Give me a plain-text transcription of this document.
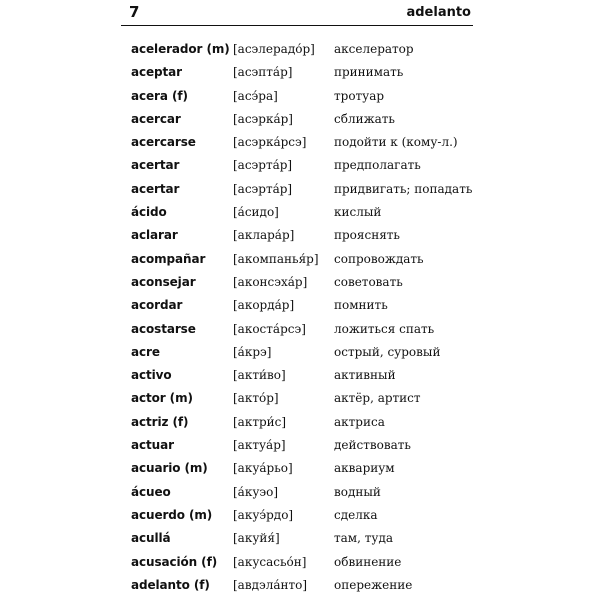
7	adelanto
acelerador (m) [асэлерадо́р] акселератор
aceptar	[асэпта́р]	принимать
acera (f)	[асэ́ра]	тротуар
acercar	[асэрка́р]	сближать
acercarse	[асэрка́рсэ] подойти к (кому-л.)
acertar	[асэрта́р]	предполагать
acertar	[асэрта́р]	придвигать; попадать
ácido	[а́сидо]	кислый
aclarar	[аклара́р]	прояснять
acompañar [акомпанья́р] сопровождать
aconsejar	[аконсэха́р] советовать
acordar	[акорда́р]	помнить
acostarse	[акоста́рсэ] ложиться спать
acre	[а́крэ]	острый, суровый
activo	[акти́во]	активный
actor (m)	[акто́р]	актёр, артист
actriz (f)	[актри́с]	актриса
actuar	[актуа́р]	действовать
acuario (m) [акуа́рьо]	аквариум
ácueo	[а́куэо]	водный
acuerdo (m) [акуэ́рдо]	сделка
acullá	[акуйя́]	там, туда
acusación (f) [акусасьо́н] обвинение
adelanto (f) [авдэла́нто] опережение
